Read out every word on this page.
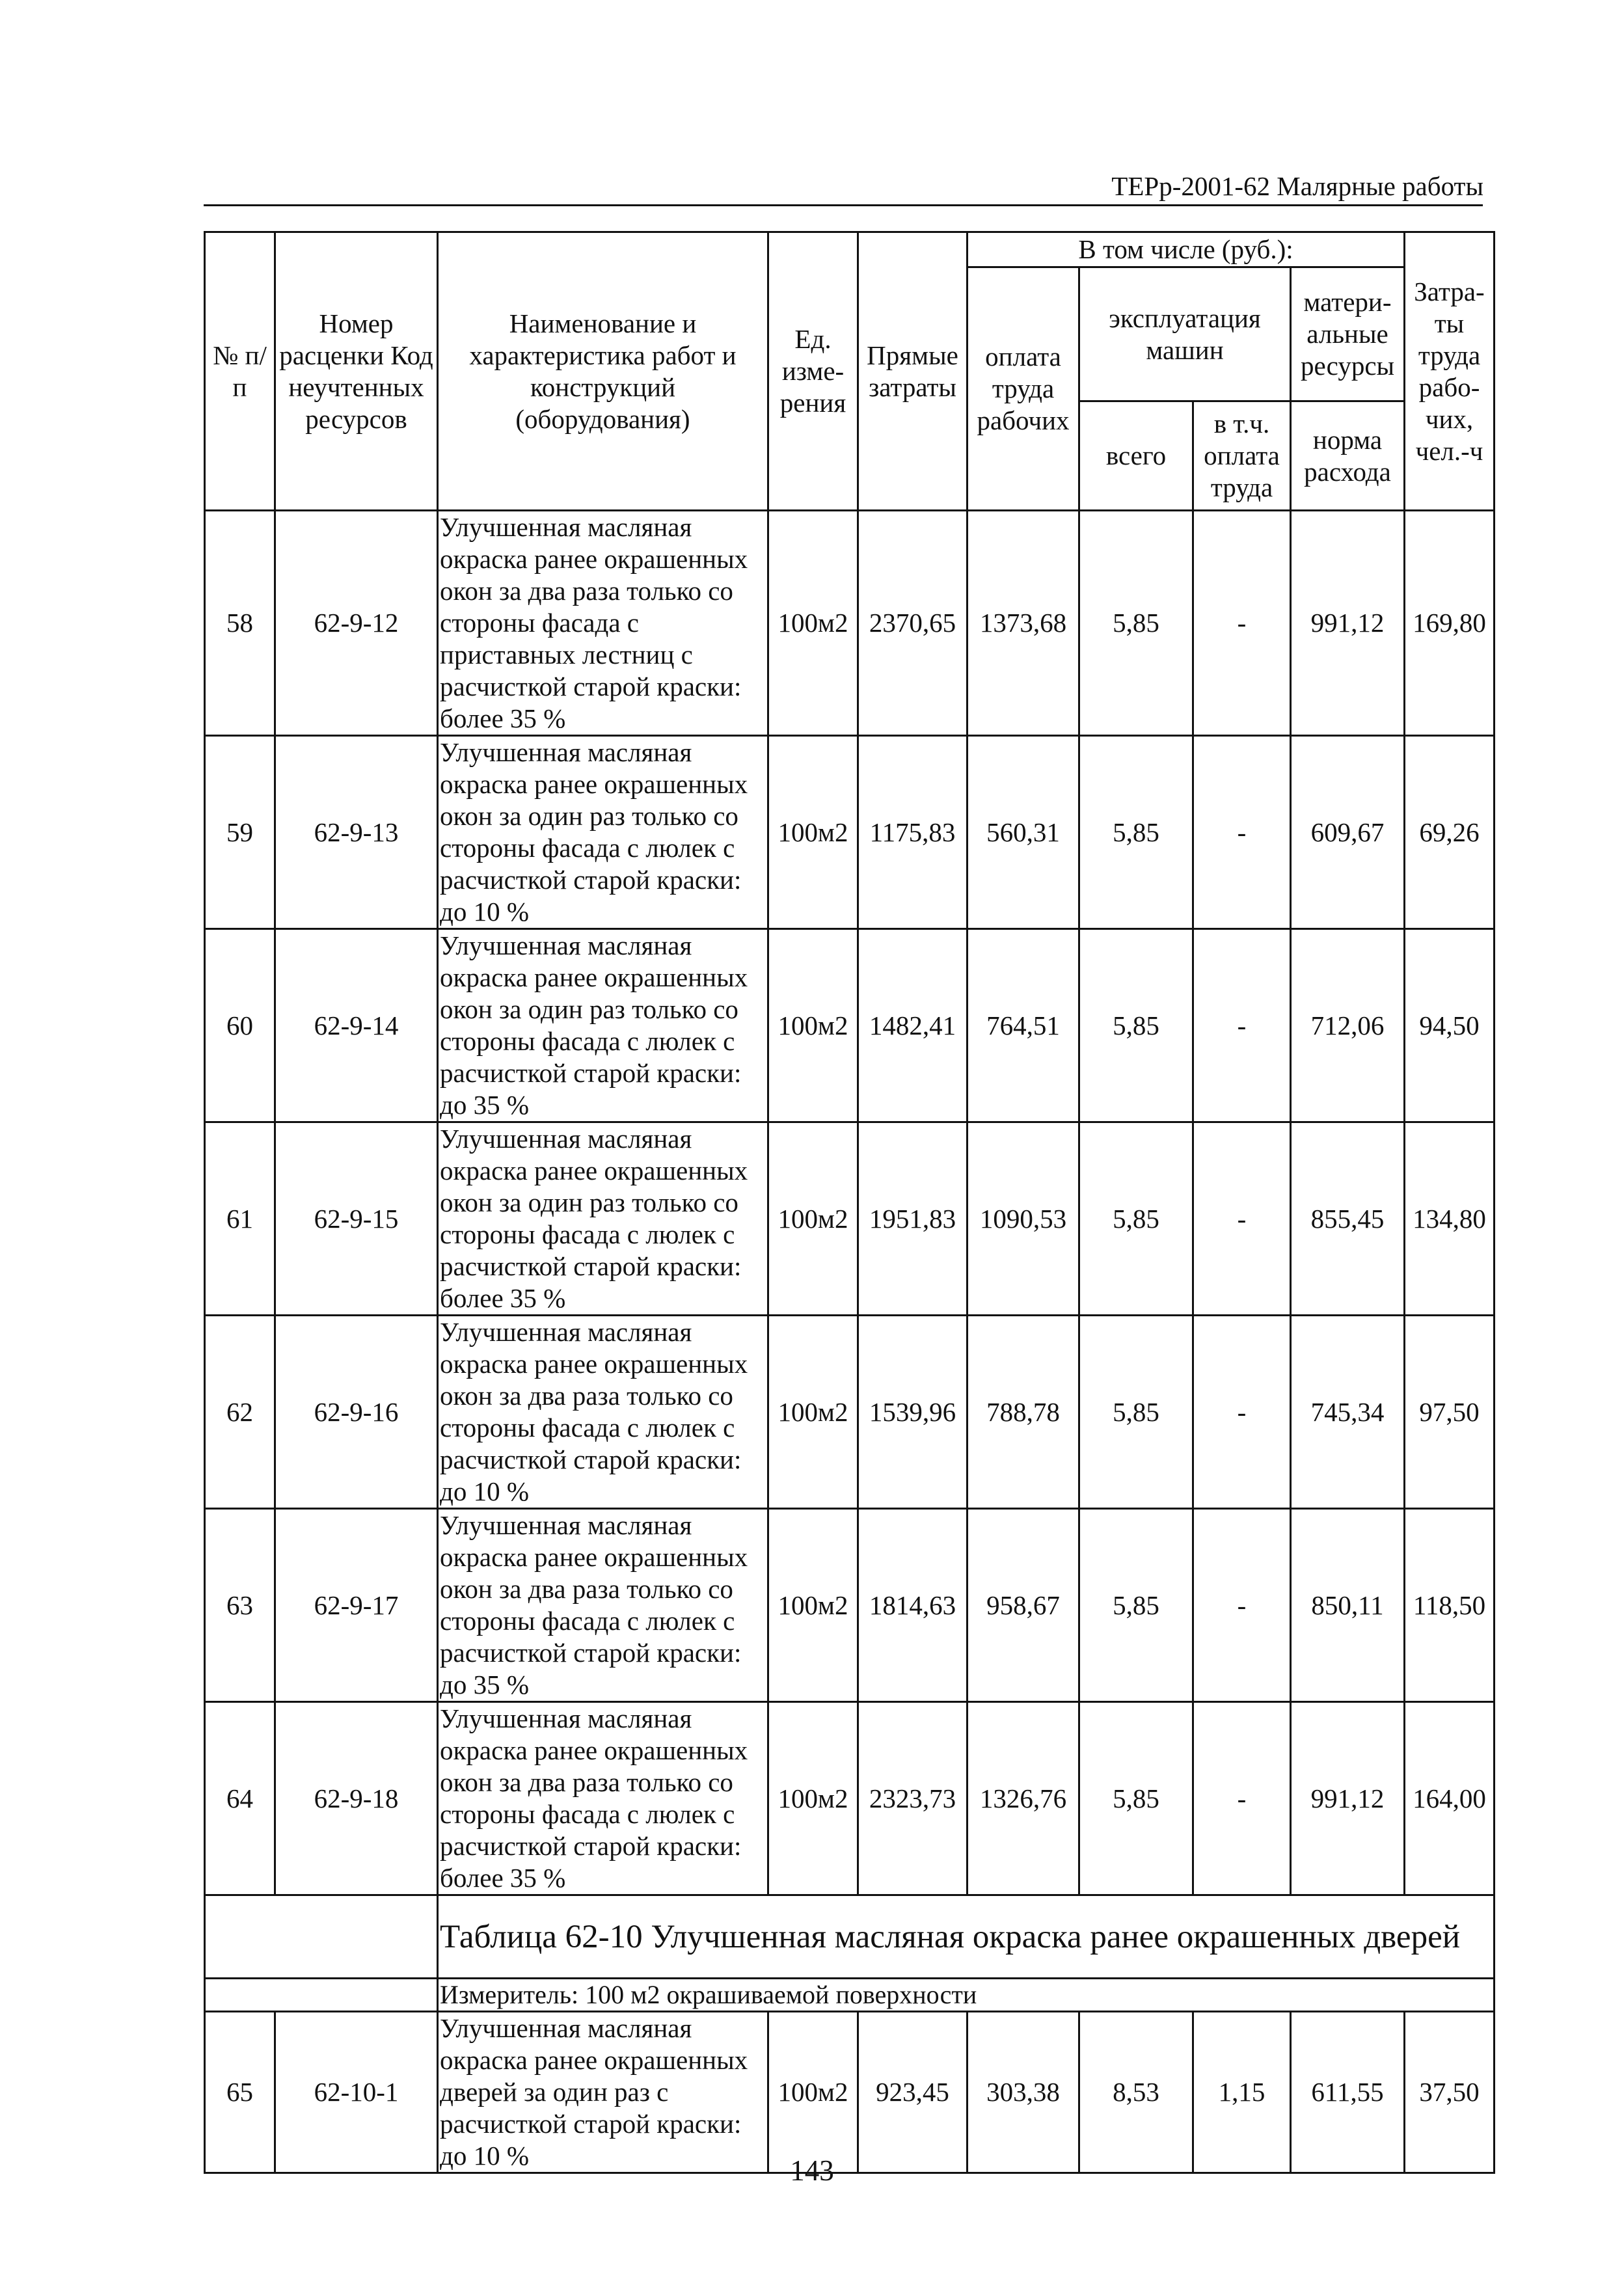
ТЕРр-2001-62 Малярные работы
№ п/п	Номер расценки Код неучтенных ресурсов	Наименование и характеристика работ и конструкций (оборудования)	Ед. изме-рения	Прямые затраты	В том числе (руб.):				Затра-ты труда рабо-чих, чел.-ч
					оплата труда рабочих	эксплуатация машин		матери-альные ресурсы	
						всего	в т.ч. оплата труда	норма расхода	
58	62-9-12	Улучшенная масляная окраска ранее окрашенных окон за два раза только со стороны фасада с приставных лестниц с расчисткой старой краски: более 35 %	100м2	2370,65	1373,68	5,85	-	991,12	169,80
59	62-9-13	Улучшенная масляная окраска ранее окрашенных окон за один раз только со стороны фасада с люлек с расчисткой старой краски: до 10 %	100м2	1175,83	560,31	5,85	-	609,67	69,26
60	62-9-14	Улучшенная масляная окраска ранее окрашенных окон за один раз только со стороны фасада с люлек с расчисткой старой краски: до 35 %	100м2	1482,41	764,51	5,85	-	712,06	94,50
61	62-9-15	Улучшенная масляная окраска ранее окрашенных окон за один раз только со стороны фасада с люлек с расчисткой старой краски: более 35 %	100м2	1951,83	1090,53	5,85	-	855,45	134,80
62	62-9-16	Улучшенная масляная окраска ранее окрашенных окон за два раза только со стороны фасада с люлек с расчисткой старой краски: до 10 %	100м2	1539,96	788,78	5,85	-	745,34	97,50
63	62-9-17	Улучшенная масляная окраска ранее окрашенных окон за два раза только со стороны фасада с люлек с расчисткой старой краски: до 35 %	100м2	1814,63	958,67	5,85	-	850,11	118,50
64	62-9-18	Улучшенная масляная окраска ранее окрашенных окон за два раза только со стороны фасада с люлек с расчисткой старой краски: более 35 %	100м2	2323,73	1326,76	5,85	-	991,12	164,00
		Таблица 62-10 Улучшенная масляная окраска ранее окрашенных дверей							
		Измеритель: 100 м2 окрашиваемой поверхности							
65	62-10-1	Улучшенная масляная окраска ранее окрашенных дверей за один раз с расчисткой старой краски: до 10 %	100м2	923,45	303,38	8,53	1,15	611,55	37,50
143
